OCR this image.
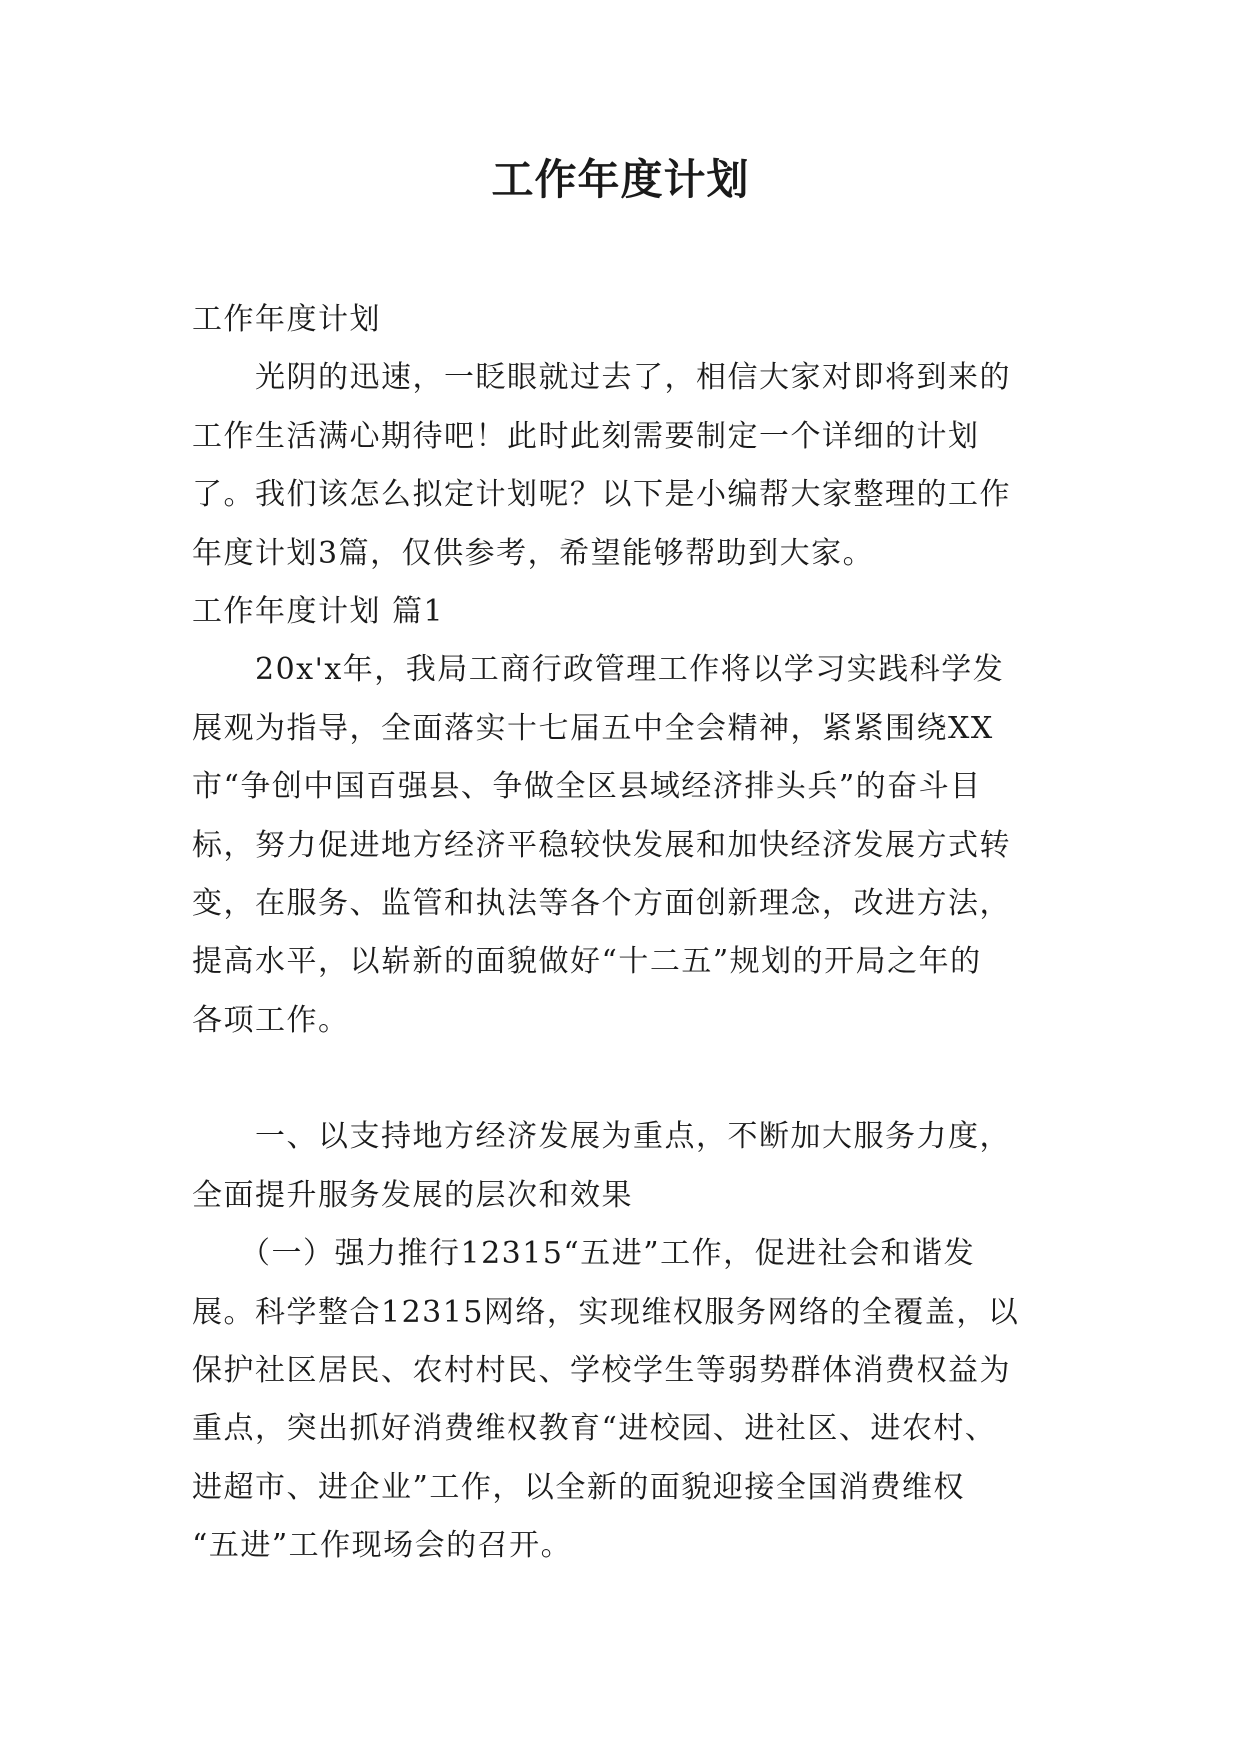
工作年度计划
工作年度计划
　　光阴的迅速，一眨眼就过去了，相信大家对即将到来的
工作生活满心期待吧！此时此刻需要制定一个详细的计划
了。我们该怎么拟定计划呢？以下是小编帮大家整理的工作
年度计划3篇，仅供参考，希望能够帮助到大家。
工作年度计划 篇1
　　20x'x年，我局工商行政管理工作将以学习实践科学发
展观为指导，全面落实十七届五中全会精神，紧紧围绕XX
市“争创中国百强县、争做全区县域经济排头兵”的奋斗目
标，努力促进地方经济平稳较快发展和加快经济发展方式转
变，在服务、监管和执法等各个方面创新理念，改进方法，
提高水平，以崭新的面貌做好“十二五”规划的开局之年的
各项工作。
　　一、以支持地方经济发展为重点，不断加大服务力度，
全面提升服务发展的层次和效果
　　（一）强力推行12315“五进”工作，促进社会和谐发
展。科学整合12315网络，实现维权服务网络的全覆盖，以
保护社区居民、农村村民、学校学生等弱势群体消费权益为
重点，突出抓好消费维权教育“进校园、进社区、进农村、
进超市、进企业”工作，以全新的面貌迎接全国消费维权
“五进”工作现场会的召开。
